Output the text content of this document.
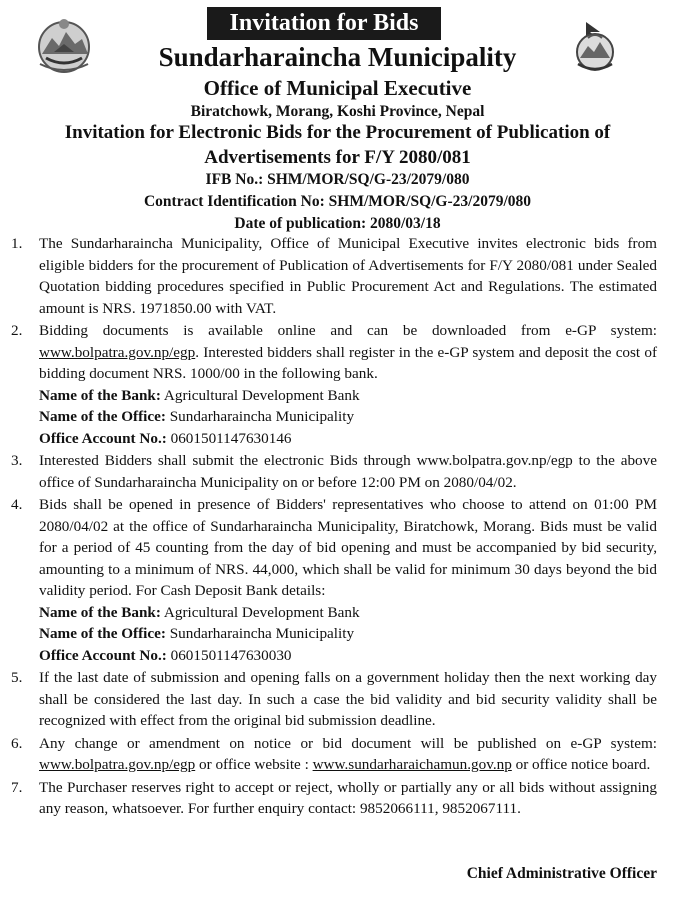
Invitation for Bids
Sundarharaincha Municipality
Office of Municipal Executive
Biratchowk, Morang, Koshi Province, Nepal
Invitation for Electronic Bids for the Procurement of Publication of
Advertisements for F/Y 2080/081
IFB No.: SHM/MOR/SQ/G-23/2079/080
Contract Identification No: SHM/MOR/SQ/G-23/2079/080
Date of publication: 2080/03/18
1. The Sundarharaincha Municipality, Office of Municipal Executive invites electronic bids from eligible bidders for the procurement of Publication of Advertisements for F/Y 2080/081 under Sealed Quotation bidding procedures specified in Public Procurement Act and Regulations. The estimated amount is NRS. 1971850.00 with VAT.

2. Bidding documents is available online and can be downloaded from e-GP system: www.bolpatra.gov.np/egp. Interested bidders shall register in the e-GP system and deposit the cost of bidding document NRS. 1000/00 in the following bank.

Name of the Bank: Agricultural Development Bank

Name of the Office: Sundarharaincha Municipality

Office Account No.: 0601501147630146

3. Interested Bidders shall submit the electronic Bids through www.bolpatra.gov.np/egp to the above office of Sundarharaincha Municipality on or before 12:00 PM on 2080/04/02.

4. Bids shall be opened in presence of Bidders' representatives who choose to attend on 01:00 PM 2080/04/02 at the office of Sundarharaincha Municipality, Biratchowk, Morang. Bids must be valid for a period of 45 counting from the day of bid opening and must be accompanied by bid security, amounting to a minimum of NRS. 44,000, which shall be valid for minimum 30 days beyond the bid validity period. For Cash Deposit Bank details:

Name of the Bank: Agricultural Development Bank

Name of the Office: Sundarharaincha Municipality

Office Account No.: 0601501147630030

5. If the last date of submission and opening falls on a government holiday then the next working day shall be considered the last day. In such a case the bid validity and bid security validity shall be recognized with effect from the original bid submission deadline.

6. Any change or amendment on notice or bid document will be published on e-GP system: www.bolpatra.gov.np/egp or office website : www.sundarharaichamun.gov.np or office notice board.

7. The Purchaser reserves right to accept or reject, wholly or partially any or all bids without assigning any reason, whatsoever. For further enquiry contact: 9852066111, 9852067111.

Chief Administrative Officer
